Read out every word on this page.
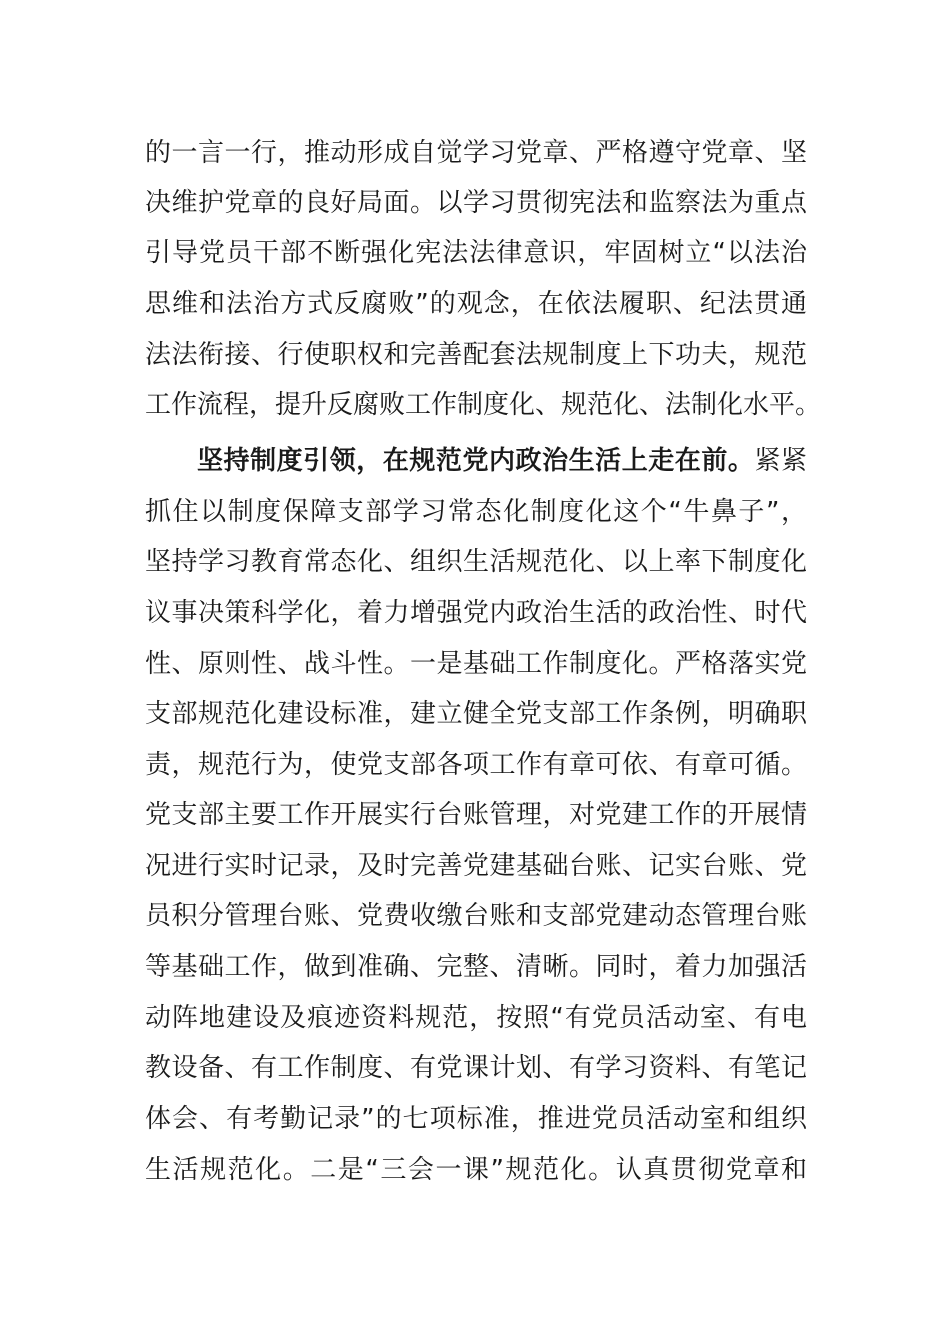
的一言一行，推动形成自觉学习党章、严格遵守党章、坚
决维护党章的良好局面。以学习贯彻宪法和监察法为重点
引导党员干部不断强化宪法法律意识，牢固树立“以法治
思维和法治方式反腐败”的观念，在依法履职、纪法贯通
法法衔接、行使职权和完善配套法规制度上下功夫，规范
工作流程，提升反腐败工作制度化、规范化、法制化水平。
坚持制度引领，在规范党内政治生活上走在前。紧紧
抓住以制度保障支部学习常态化制度化这个“牛鼻子”，
坚持学习教育常态化、组织生活规范化、以上率下制度化
议事决策科学化，着力增强党内政治生活的政治性、时代
性、原则性、战斗性。一是基础工作制度化。严格落实党
支部规范化建设标准，建立健全党支部工作条例，明确职
责，规范行为，使党支部各项工作有章可依、有章可循。
党支部主要工作开展实行台账管理，对党建工作的开展情
况进行实时记录，及时完善党建基础台账、记实台账、党
员积分管理台账、党费收缴台账和支部党建动态管理台账
等基础工作，做到准确、完整、清晰。同时，着力加强活
动阵地建设及痕迹资料规范，按照“有党员活动室、有电
教设备、有工作制度、有党课计划、有学习资料、有笔记
体会、有考勤记录”的七项标准，推进党员活动室和组织
生活规范化。二是“三会一课”规范化。认真贯彻党章和
